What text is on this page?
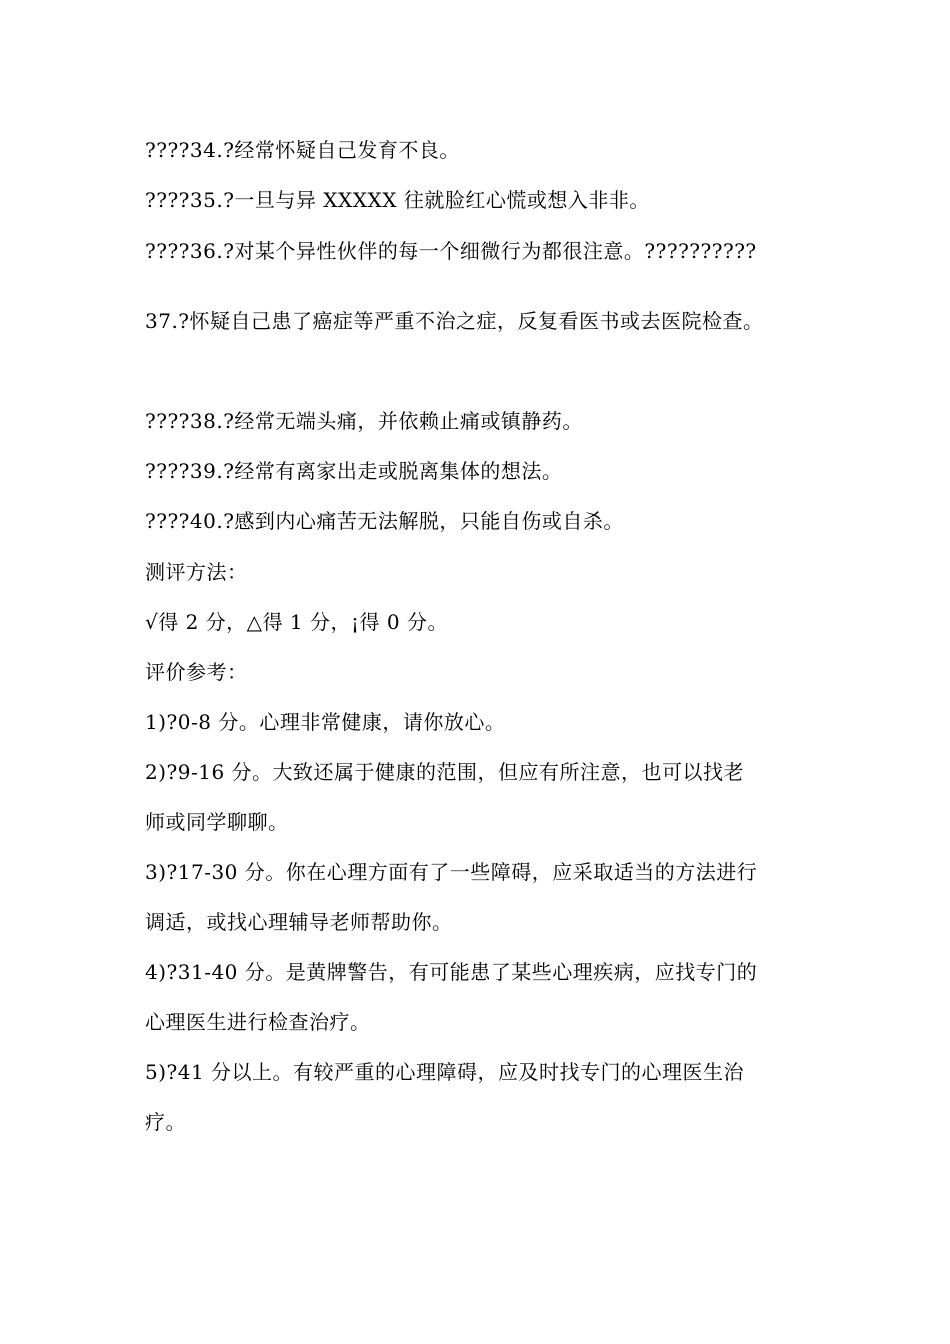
????34.?经常怀疑自己发育不良。
????35.?一旦与异 XXXXX 往就脸红心慌或想入非非。
????36.?对某个异性伙伴的每一个细微行为都很注意。??????????
37.?怀疑自己患了癌症等严重不治之症，反复看医书或去医院检查。
????38.?经常无端头痛，并依赖止痛或镇静药。
????39.?经常有离家出走或脱离集体的想法。
????40.?感到内心痛苦无法解脱，只能自伤或自杀。
测评方法：
√得 2 分，△得 1 分，¡得 0 分。
评价参考：
1)?0-8 分。心理非常健康，请你放心。
2)?9-16 分。大致还属于健康的范围，但应有所注意，也可以找老
师或同学聊聊。
3)?17-30 分。你在心理方面有了一些障碍，应采取适当的方法进行
调适，或找心理辅导老师帮助你。
4)?31-40 分。是黄牌警告，有可能患了某些心理疾病，应找专门的
心理医生进行检查治疗。
5)?41 分以上。有较严重的心理障碍，应及时找专门的心理医生治
疗。
